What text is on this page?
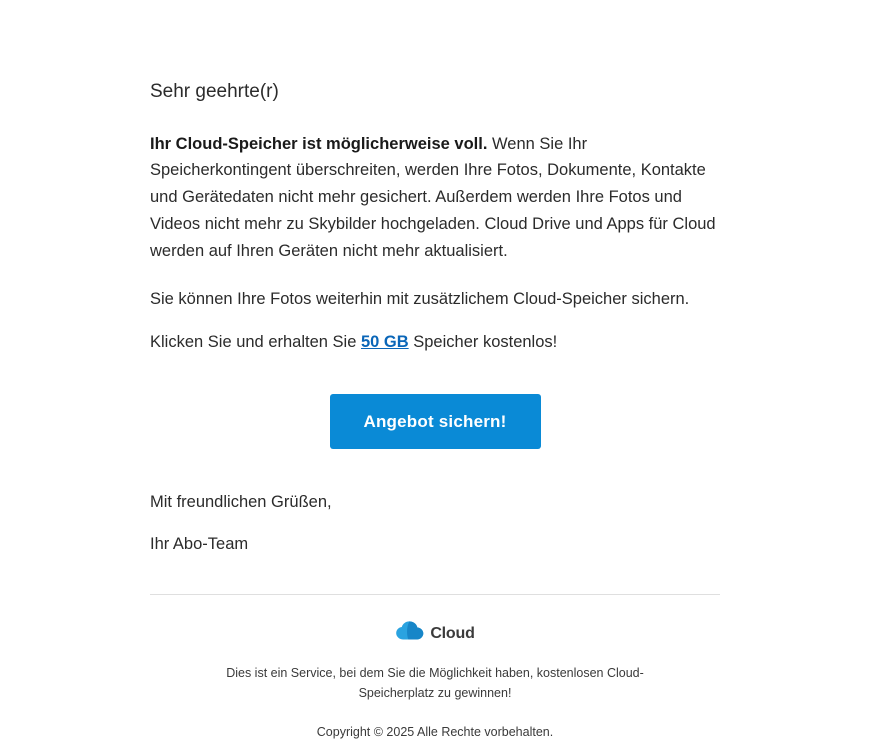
Sehr geehrte(r)

Ihr Cloud-Speicher ist möglicherweise voll. Wenn Sie Ihr Speicherkontingent überschreiten, werden Ihre Fotos, Dokumente, Kontakte und Gerätedaten nicht mehr gesichert. Außerdem werden Ihre Fotos und Videos nicht mehr zu Skybilder hochgeladen. Cloud Drive und Apps für Cloud werden auf Ihren Geräten nicht mehr aktualisiert.

Sie können Ihre Fotos weiterhin mit zusätzlichem Cloud-Speicher sichern.

Klicken Sie und erhalten Sie 50 GB Speicher kostenlos!

Angebot sichern!

Mit freundlichen Grüßen,

Ihr Abo-Team

Cloud

Dies ist ein Service, bei dem Sie die Möglichkeit haben, kostenlosen Cloud-Speicherplatz zu gewinnen!

Copyright © 2025 Alle Rechte vorbehalten.
